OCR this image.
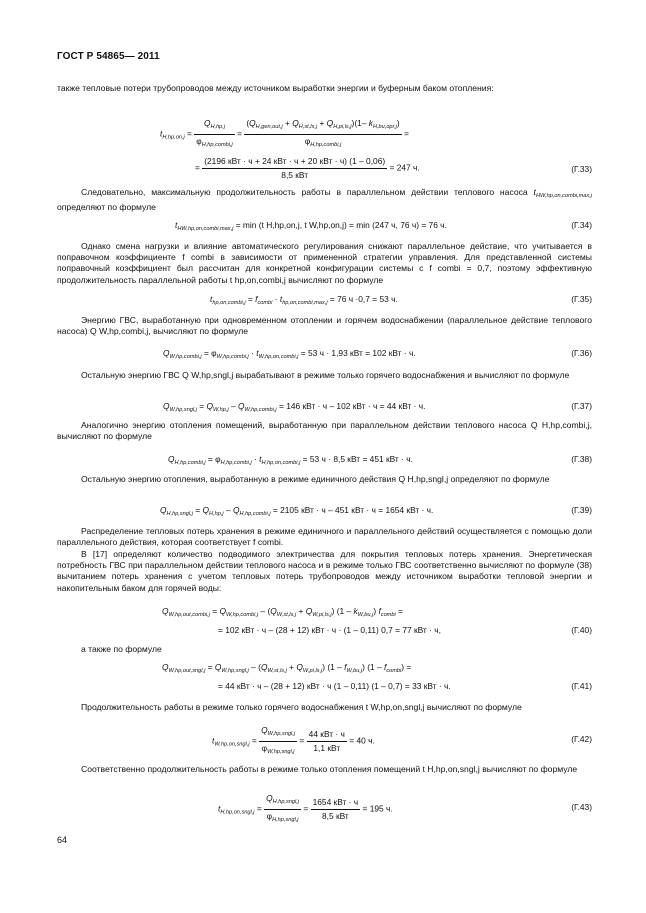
ГОСТ Р 54865— 2011
также тепловые потери трубопроводов между источником выработки энергии и буферным баком отопления:
$t_{H,hp,on,j} = \frac{Q_{H,hp,j}}{\varphi_{H,hp,combi,j}} = \frac{(Q_{H,gen,out,j} + Q_{H,st,ls,j} + Q_{H,pi,ls,j})(1- k_{H,bu,opr,j})}{\varphi_{H,hp,combi,j}}$ =
= $\frac{\text{(2196 кВт · ч + 24 кВт · ч + 20 кВт · ч) (1 – 0,06)}}{\text{8,5 кВт}} = 247$ ч.	(Г.33)
Следовательно, максимальную продолжительность работы в параллельном действии теплового насоса $t_{HW,hp,on,combi,max,j}$ определяют по формуле
$t_{HW,hp,on,combi,max,j} = \min (t$ H,hp,on,j, t W,hp,on,j) = min (247 ч, 76 ч) = 76 ч.	(Г.34)
Однако смена нагрузки и влияние автоматического регулирования снижают параллельное действие, что учитывается в поправочном коэффициенте f combi в зависимости от примененной стратегии управления. Для представленной системы поправочный коэффициент был рассчитан для конкретной конфигурации системы с f combi = 0,7, поэтому эффективную продолжительность параллельной работы t hp,on,combi,j вычисляют по формуле
$t_{hp,on,combi,j} = f_{combi} \cdot t_{hp,on,combi,max,j} = 76$ ч ·0,7 = 53 ч.	(Г.35)
Энергию ГВС, выработанную при одновременном отоплении и горячем водоснабжении (параллельное действие теплового насоса) Q W,hp,combi,j, вычисляют по формуле
$Q_{W,hp,combi,j} = \varphi_{W,hp,combi,j} \cdot t_{W,hp,on,combi,j} = 53$ ч · 1,93 кВт = 102 кВт · ч.	(Г.36)
Остальную энергию ГВС Q W,hp,sngl,j вырабатывают в режиме только горячего водоснабжения и вычисляют по формуле
$Q_{W,hp,sngl,j} = Q_{W,hp,j} - Q_{W,hp,combi,j} = 146$ кВт · ч – 102 кВт · ч = 44 кВт · ч.	(Г.37)
Аналогично энергию отопления помещений, выработанную при параллельном действии теплового насоса Q H,hp,combi,j, вычисляют по формуле
$Q_{H,hp,combi,j} = \varphi_{H,hp,combi,j} \cdot t_{H,hp,on,combi,j} = 53$ ч · 8,5 кВт = 451 кВт · ч.	(Г.38)
Остальную энергию отопления, выработанную в режиме единичного действия Q H,hp,sngl,j определяют по формуле
$Q_{H,hp,sngl,j} = Q_{H,hp,j} - Q_{H,hp,combi,j} = 2105$ кВт · ч – 451 кВт · ч = 1654 кВт · ч.	(Г.39)
Распределение тепловых потерь хранения в режиме единичного и параллельного действий осуществляется с помощью доли параллельного действия, которая соответствует f combi.
В [17] определяют количество подводимого электричества для покрытия тепловых потерь хранения. Энергетическая потребность ГВС при параллельном действии теплового насоса и в режиме только ГВС соответственно вычисляют по формуле (38) вычитанием потерь хранения с учетом тепловых потерь трубопроводов между источником выработки тепловой энергии и накопительным баком для горячей воды:
$Q_{W,hp,out,combi,j} = Q_{W,hp,combi,j} - (Q_{W,st,ls,j} + Q_{W,pi,ls,j})$ $(1 - k_{W,bu,j})$ $f_{combi}$ =
= 102 кВт · ч – (28 + 12) кВт · ч · (1 – 0,11) 0,7 = 77 кВт · ч,	(Г.40)
а также по формуле
$Q_{W,hp,out,sngl,j} = Q_{W,hp,sngl,j} - (Q_{W,st,ls,j} + Q_{W,pi,ls,j})$ $(1 - f_{W,bu,j})$ $(1 - f_{combi})$ =
= 44 кВт · ч – (28 + 12) кВт · ч (1 – 0,11) (1 – 0,7) = 33 кВт · ч.	(Г.41)
Продолжительность работы в режиме только горячего водоснабжения t W,hp,on,sngl,j вычисляют по формуле
$t_{W,hp,on,sngl,j} = \frac{Q_{W,hp,sngl,j}}{\varphi_{W,hp,sngl,j}} = \frac{\text{44 кВт · ч}}{\text{1,1 кВт}} = 40$ ч.	(Г.42)
Соответственно продолжительность работы в режиме только отопления помещений t H,hp,on,sngl,j вычисляют по формуле
$t_{H,hp,on,sngl,j} = \frac{Q_{H,hp,sngl,j}}{\varphi_{H,hp,sngl,j}} = \frac{\text{1654 кВт · ч}}{\text{8,5 кВт}} = 195$ ч.	(Г.43)
64
